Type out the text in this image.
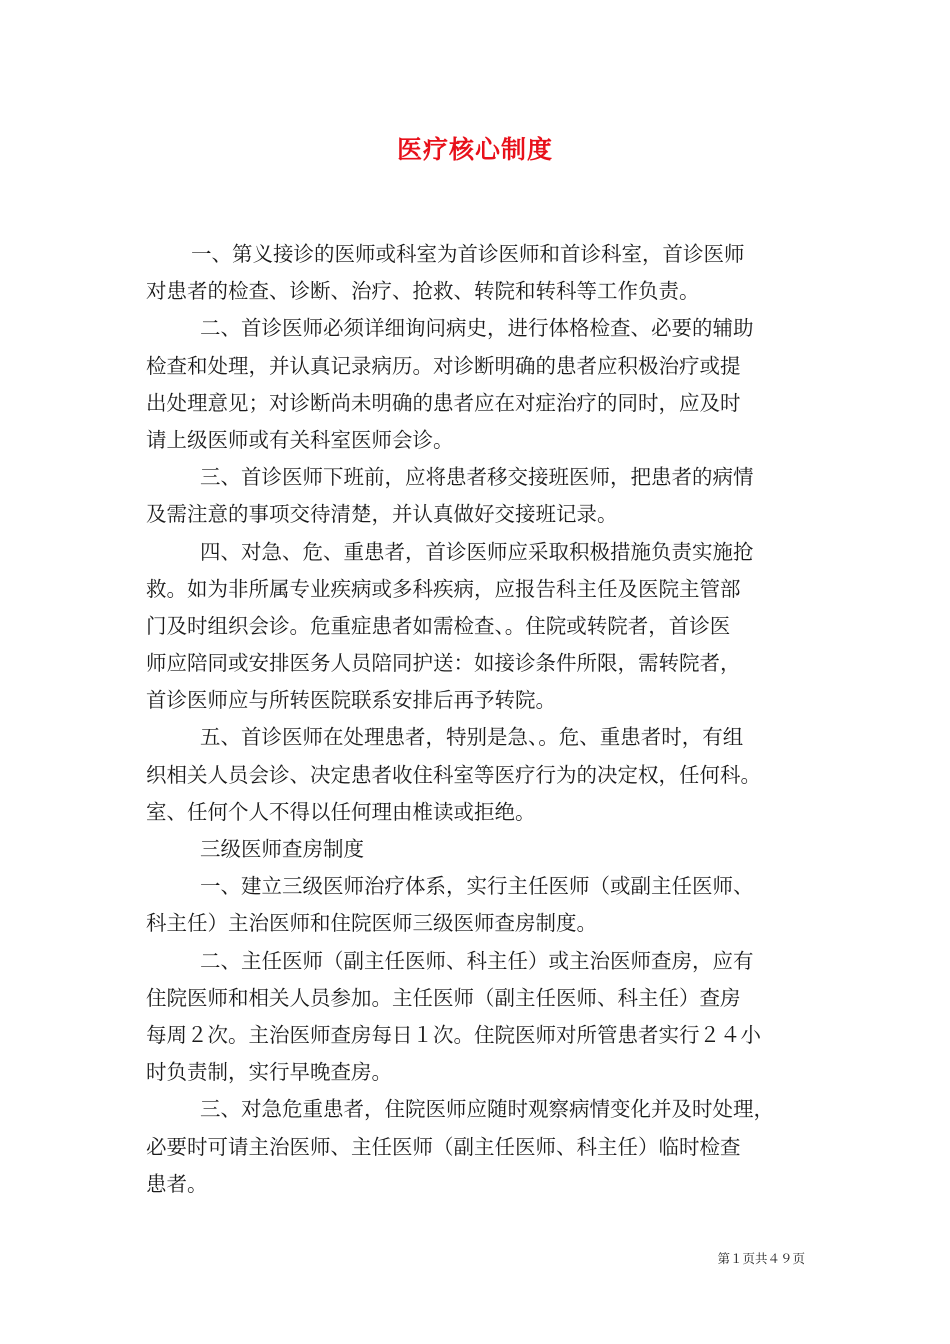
医疗核心制度
一、第义接诊的医师或科室为首诊医师和首诊科室，首诊医师
对患者的检查、诊断、治疗、抢救、转院和转科等工作负责。
二、首诊医师必须详细询问病史，进行体格检查、必要的辅助
检查和处理，并认真记录病历。对诊断明确的患者应积极治疗或提
出处理意见；对诊断尚未明确的患者应在对症治疗的同时，应及时
请上级医师或有关科室医师会诊。
三、首诊医师下班前，应将患者移交接班医师，把患者的病情
及需注意的事项交待清楚，并认真做好交接班记录。
四、对急、危、重患者，首诊医师应采取积极措施负责实施抢
救。如为非所属专业疾病或多科疾病，应报告科主任及医院主管部
门及时组织会诊。危重症患者如需检查、。住院或转院者，首诊医
师应陪同或安排医务人员陪同护送：如接诊条件所限，需转院者，
首诊医师应与所转医院联系安排后再予转院。
五、首诊医师在处理患者，特别是急、。危、重患者时，有组
织相关人员会诊、决定患者收住科室等医疗行为的决定权，任何科。
室、任何个人不得以任何理由椎读或拒绝。
三级医师查房制度
一、建立三级医师治疗体系，实行主任医师（或副主任医师、
科主任）主治医师和住院医师三级医师查房制度。
二、主任医师（副主任医师、科主任）或主治医师查房，应有
住院医师和相关人员参加。主任医师（副主任医师、科主任）查房
每周２次。主治医师查房每日１次。住院医师对所管患者实行２４小
时负责制，实行早晚查房。
三、对急危重患者，住院医师应随时观察病情变化并及时处理，
必要时可请主治医师、主任医师（副主任医师、科主任）临时检查
患者。
第１页共４９页
